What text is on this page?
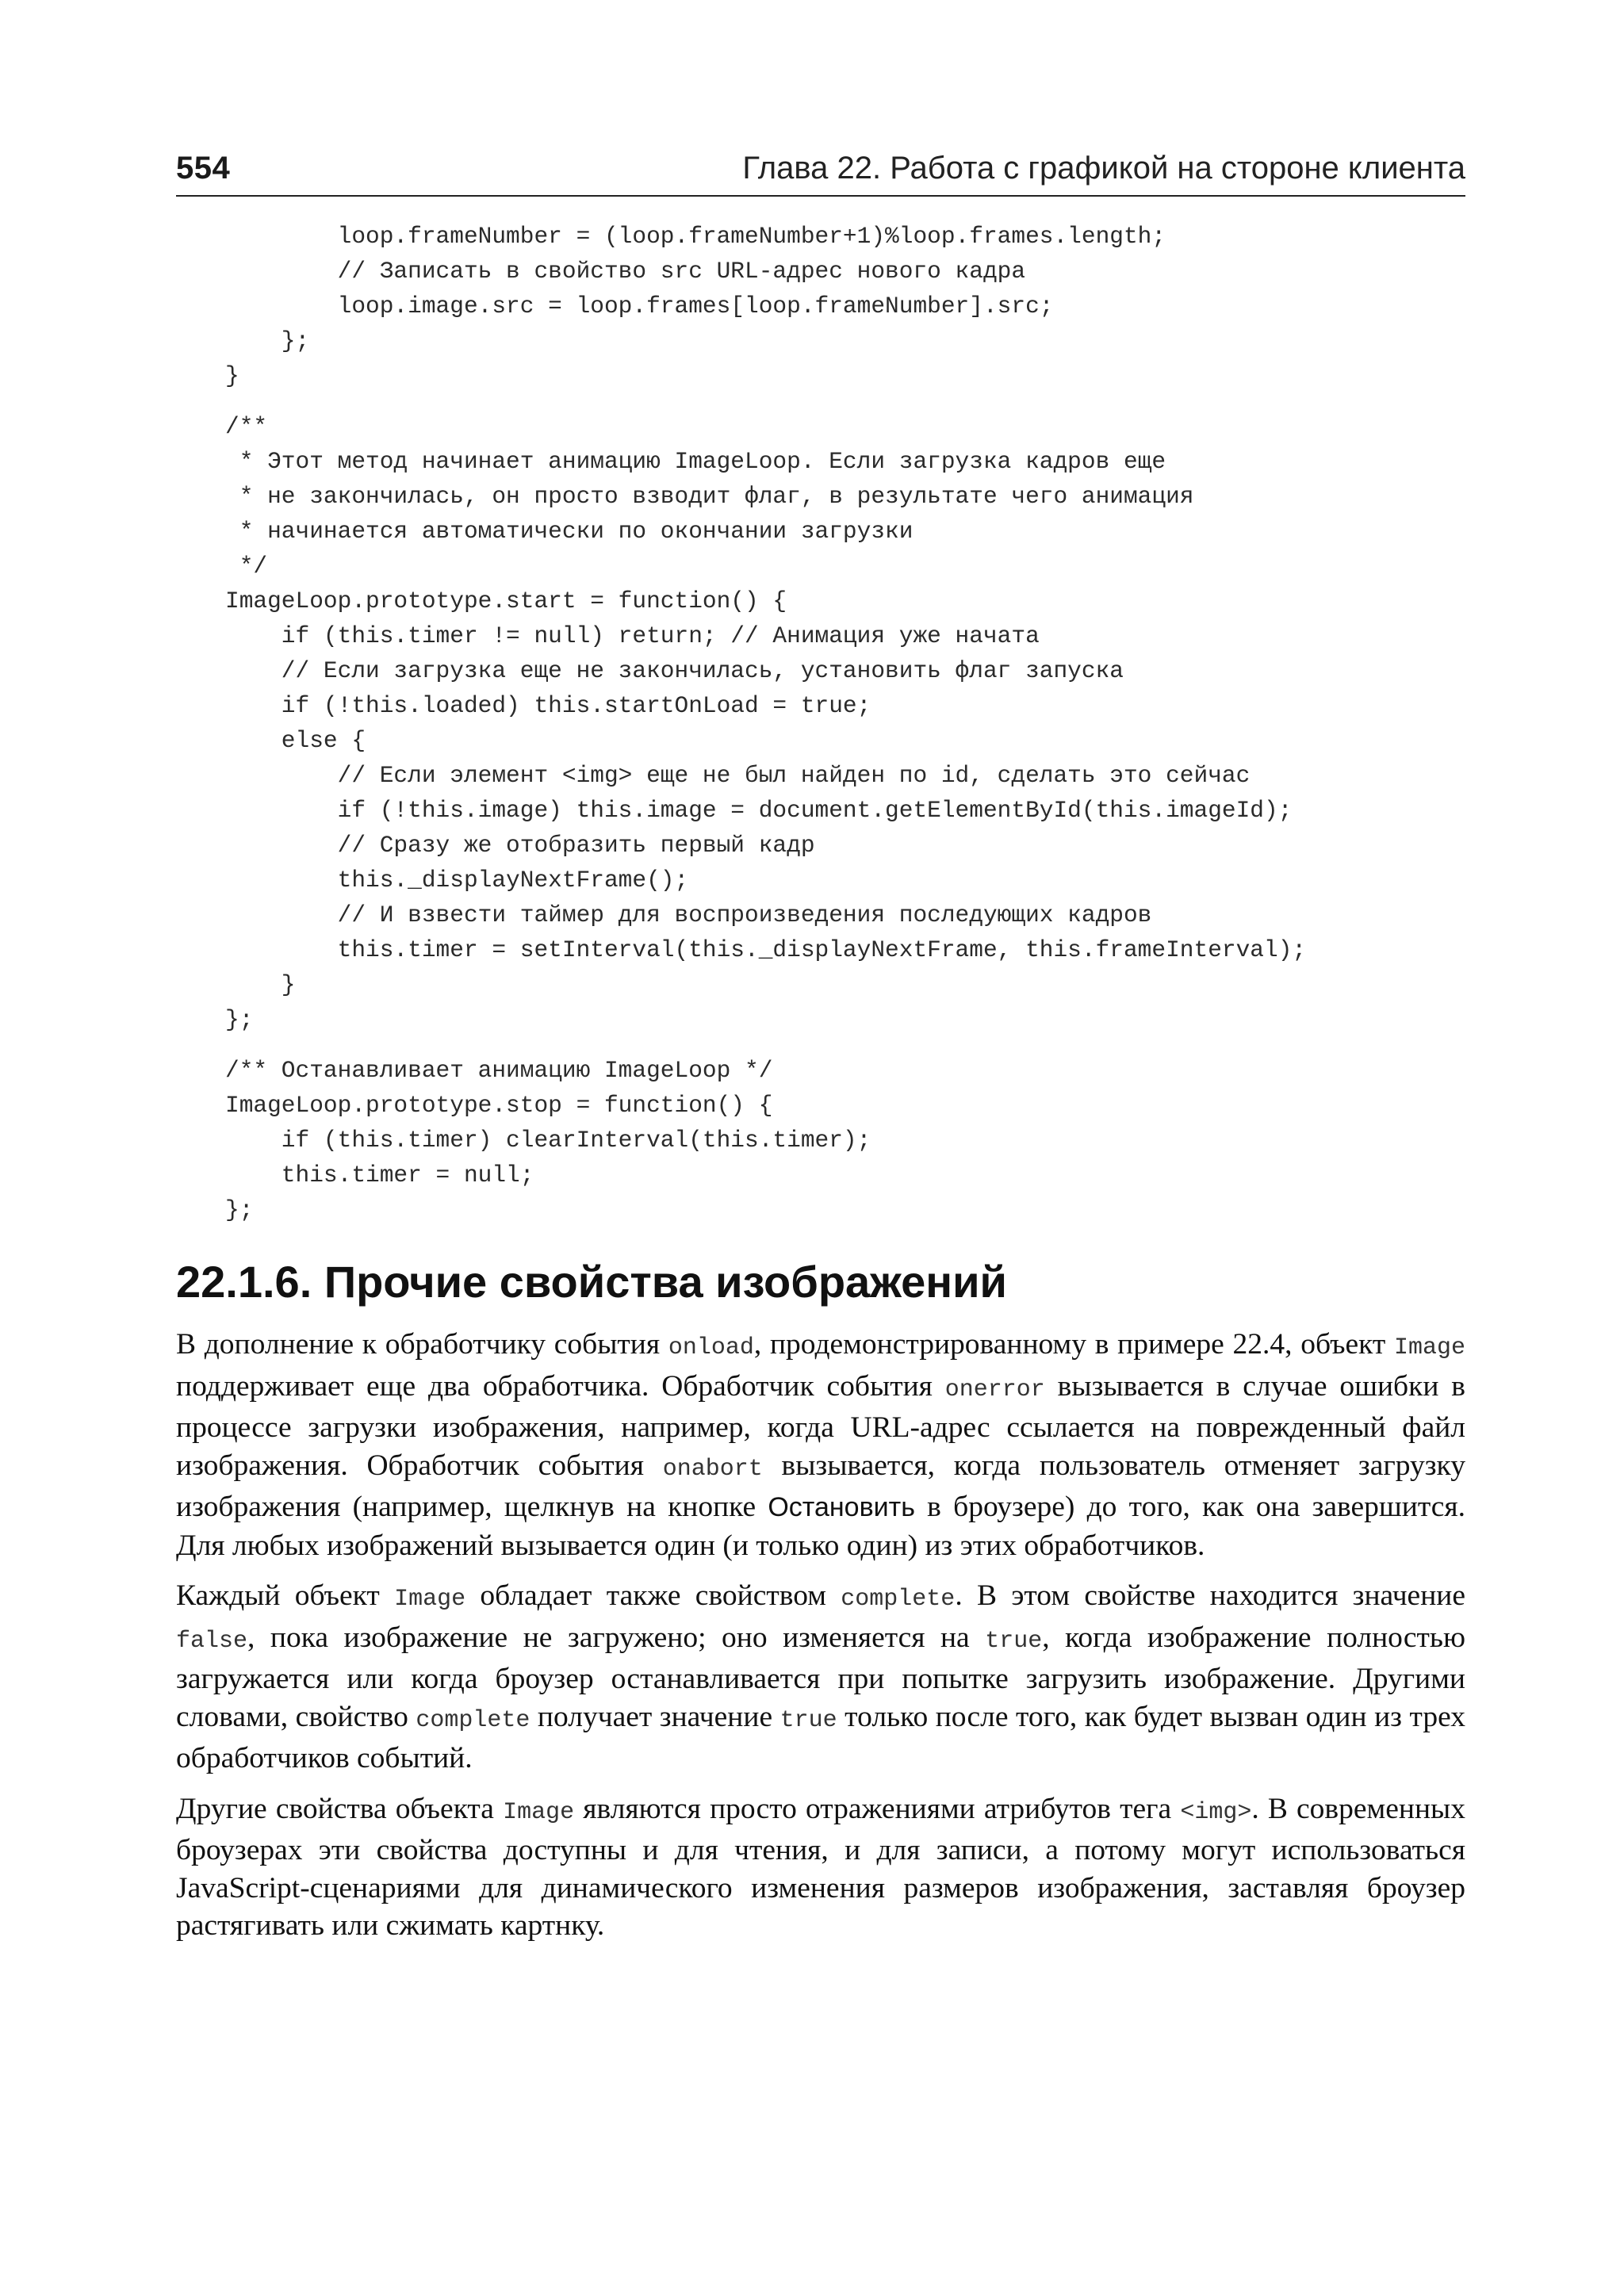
554	Глава 22. Работа с графикой на стороне клиента
loop.frameNumber = (loop.frameNumber+1)%loop.frames.length;
// Записать в свойство src URL-адрес нового кадра
loop.image.src = loop.frames[loop.frameNumber].src;
};
}
/**
* Этот метод начинает анимацию ImageLoop. Если загрузка кадров еще
* не закончилась, он просто взводит флаг, в результате чего анимация
* начинается автоматически по окончании загрузки
*/
ImageLoop.prototype.start = function() {
if (this.timer != null) return; // Анимация уже начата
// Если загрузка еще не закончилась, установить флаг запуска
if (!this.loaded) this.startOnLoad = true;
else {
// Если элемент <img> еще не был найден по id, сделать это сейчас
if (!this.image) this.image = document.getElementById(this.imageId);
// Сразу же отобразить первый кадр
this._displayNextFrame();
// И взвести таймер для воспроизведения последующих кадров
this.timer = setInterval(this._displayNextFrame, this.frameInterval);
}
};
/** Останавливает анимацию ImageLoop */
ImageLoop.prototype.stop = function() {
if (this.timer) clearInterval(this.timer);
this.timer = null;
};
22.1.6. Прочие свойства изображений

В дополнение к обработчику события onload, продемонстрированному в примере 22.4, объект Image поддерживает еще два обработчика. Обработчик события onerror вызывается в случае ошибки в процессе загрузки изображения, например, когда URL-адрес ссылается на поврежденный файл изображения. Обработчик события onabort вызывается, когда пользователь отменяет загрузку изображения (например, щелкнув на кнопке Остановить в броузере) до того, как она завершится. Для любых изображений вызывается один (и только один) из этих обработчиков.

Каждый объект Image обладает также свойством complete. В этом свойстве находится значение false, пока изображение не загружено; оно изменяется на true, когда изображение полностью загружается или когда броузер останавливается при попытке загрузить изображение. Другими словами, свойство complete получает значение true только после того, как будет вызван один из трех обработчиков событий.

Другие свойства объекта Image являются просто отражениями атрибутов тега <img>. В современных броузерах эти свойства доступны и для чтения, и для записи, а потому могут использоваться JavaScript-сценариями для динамического изменения размеров изображения, заставляя броузер растягивать или сжимать картнку.
